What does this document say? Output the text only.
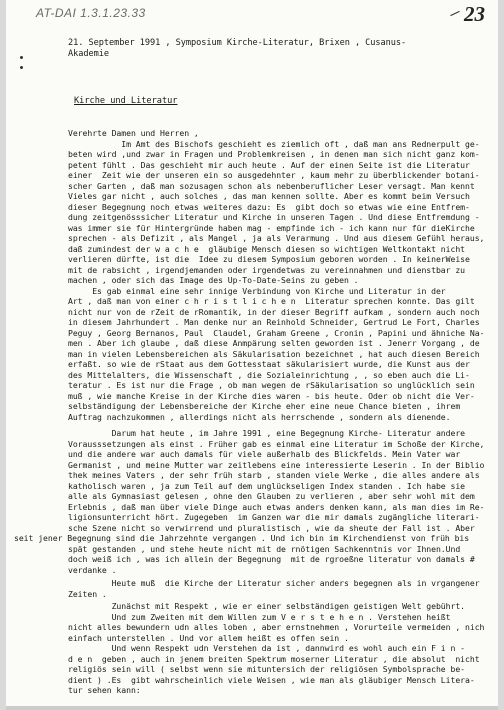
AT-DAI 1.3.1.23.33	23
21. September 1991 , Symposium Kirche-Literatur, Brixen , Cusanus-
Akademie
Kirche und Literatur
Verehrte Damen und Herren ,
Im Amt des Bischofs geschieht es ziemlich oft , daß man ans Rednerpult ge-
beten wird ,und zwar in Fragen und Problemkreisen , in denen man sich nicht ganz kom-
petent fühlt . Das geschieht mir auch heute . Auf der einen Seite ist die Literatur
einer  Zeit wie der unseren ein so ausgedehnter , kaum mehr zu überblickender botani-
scher Garten , daß man sozusagen schon als nebenberuflicher Leser versagt. Man kennt
Vieles gar nicht , auch solches , das man kennen sollte. Aber es kommt beim Versuch
dieser Begegnung noch etwas weiteres dazu: Es  gibt doch so etwas wie eine Entfrem-
dung zeitgenösssicher Literatur und Kirche in unseren Tagen . Und diese Entfremdung -
was immer sie für Hintergründe haben mag - empfinde ich - ich kann nur für dieKirche
sprechen - als Defizit , als Mangel , ja als Verarmung . Und aus diesem Gefühl heraus,
daß zumindest der w a c h e  gläubige Mensch diesen so wichtigen Weltkontakt nicht
verlieren dürfte, ist die  Idee zu diesem Symposium geboren worden . In keinerWeise
mit de rabsicht , irgendjemanden oder irgendetwas zu vereinnahmen und dienstbar zu
machen , oder sich das Image des Up-To-Date-Seins zu geben .
Es gab einmal eine sehr innige Verbindung von Kirche und Literatur in der
Art , daß man von einer c h r i s t l i c h e n  Literatur sprechen konnte. Das gilt
nicht nur von de rZeit de rRomantik, in der dieser Begriff aufkam , sondern auch noch
in diesem Jahrhundert . Man denke nur an Reinhold Schneider, Gertrud Le Fort, Charles
Peguy , Georg Bernanos, Paul  Claudel, Graham Greene , Cronin , Papini und ähniche Na-
men . Aber ich glaube , daß diese Anmpärung selten geworden ist . Jenerr Vorgang , de
man in vielen Lebensbereichen als Säkularisation bezeichnet , hat auch diesen Bereich
erfaßt. so wie de rStaat aus dem Gottesstaat säkularisiert wurde, die Kunst aus der
des Mittelalters, die Wissenschaft , die Sozialeinrichtung , , so eben auch die Li-
teratur . Es ist nur die Frage , ob man wegen de rSäkularisation so unglücklich sein
muß , wie manche Kreise in der Kirche dies waren - bis heute. Oder ob nicht die Ver-
selbständigung der Lebensbereiche der Kirche eher eine neue Chance bieten , ihrem
Auftrag nachzukommen , allerdings nicht als herrschende , sondern als dienende.
Darum hat heute , im Jahre 1991 , eine Begegnung Kirche- Literatur andere
Vorausssetzungen als einst . Früher gab es einmal eine Literatur im Schoße der Kirche,
und die andere war auch damals für viele außerhalb des Blickfelds. Mein Vater war
Germanist , und meine Mutter war zeitlebens eine interessierte Leserin . In der Biblio
thek meines Vaters , der sehr früh starb , standen viele Werke , die alles andere als
katholisch waren , ja zum Teil auf dem unglückseligen Index standen . Ich habe sie
alle als Gymnasiast gelesen , ohne den Glauben zu verlieren , aber sehr wohl mit dem
Erlebnis , daß man über viele Dinge auch etwas anders denken kann, als man dies im Re-
ligionsunterricht hört. Zugegeben  im Ganzen war die mir damals zugängliche literari-
sche Szene nicht so verwirrend und pluralistisch , wie da sheute der Fall ist . Aber
seit jener Begegnung sind die Jahrzehnte vergangen . Und ich bin im Kirchendienst von früh bis
spät gestanden , und stehe heute nicht mit de rnötigen Sachkenntnis vor Ihnen.Und
doch weiß ich , was ich allein der Begegnung  mit de rgroeßne literatur von damals #
verdanke .
Heute muß  die Kirche der Literatur sicher anders begegnen als in vrgangener
Zeiten .
Zunächst mit Respekt , wie er einer selbständigen geistigen Welt gebührt.
Und zum Zweiten mit dem Willen zum V e r s t e h e n . Verstehen heißt
nicht alles bewundern udn alles loben , aber ernstnehmen , Vorurteile vermeiden , nich
einfach unterstellen . Und vor allem heißt es offen sein .
Und wenn Respekt udn Verstehen da ist , dannwird es wohl auch ein F i n -
d e n  geben , auch in jenem breiten Spektrum moserner Literatur , die absolut  nicht
religiös sein will ( selbst wenn sie mituntersich der religiösen Symbolsprache be-
dient ) .Es  gibt wahrscheinlich viele Weisen , wie man als gläubiger Mensch Litera-
tur sehen kann:
